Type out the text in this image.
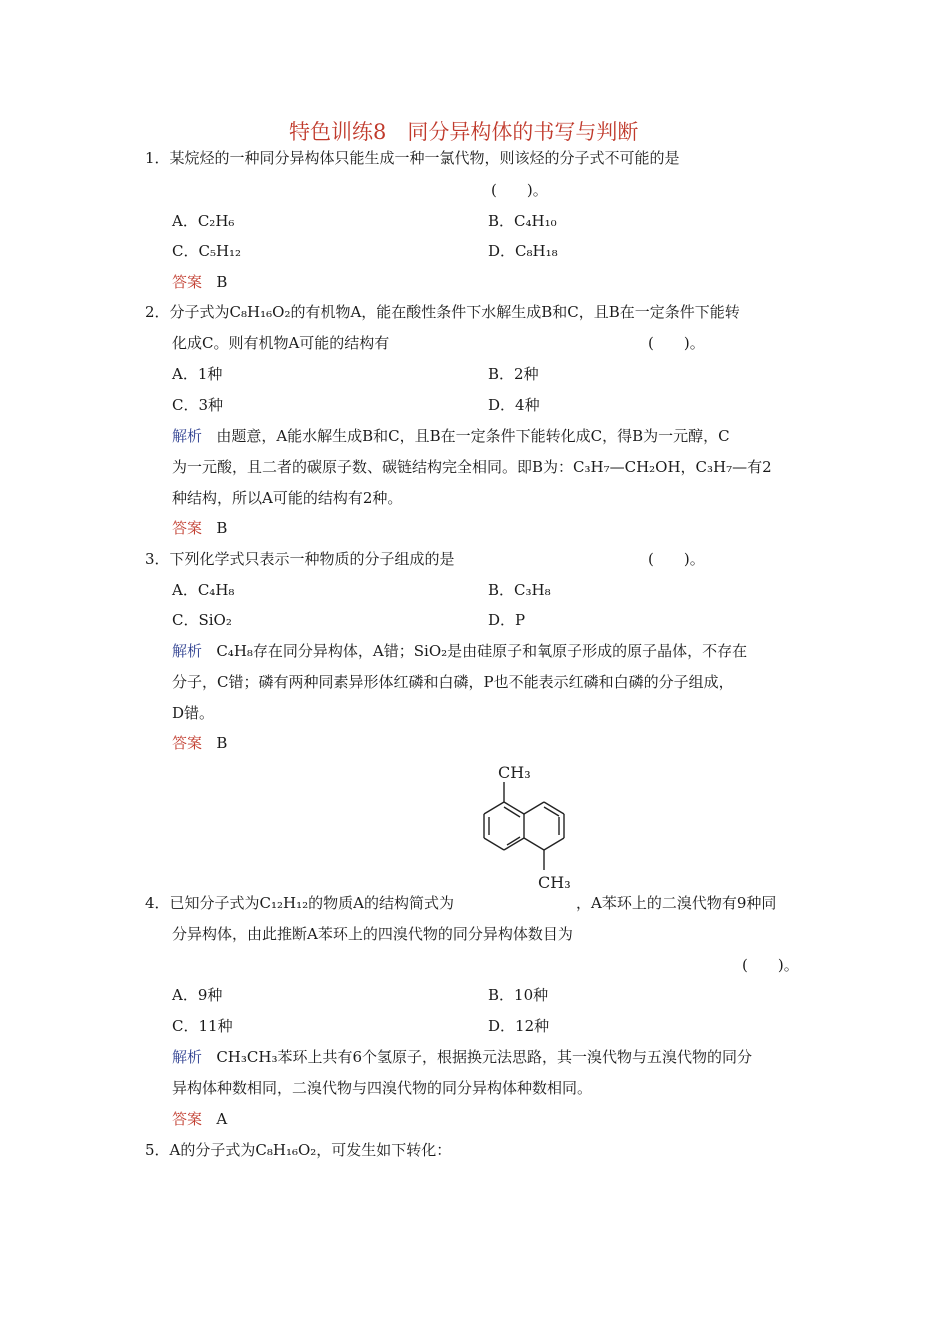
特色训练8　同分异构体的书写与判断
1．某烷烃的一种同分异构体只能生成一种一氯代物，则该烃的分子式不可能的是
(　　)。
A．C₂H₆	B．C₄H₁₀
C．C₅H₁₂	D．C₈H₁₈
答案 B
2．分子式为C₈H₁₆O₂的有机物A，能在酸性条件下水解生成B和C，且B在一定条件下能转
化成C。则有机物A可能的结构有	(　　)。
A．1种	B．2种
C．3种	D．4种
解析 由题意，A能水解生成B和C，且B在一定条件下能转化成C，得B为一元醇，C
为一元酸，且二者的碳原子数、碳链结构完全相同。即B为：C₃H₇—CH₂OH，C₃H₇—有2
种结构，所以A可能的结构有2种。
答案 B
3．下列化学式只表示一种物质的分子组成的是	(　　)。
A．C₄H₈	B．C₃H₈
C．SiO₂	D．P
解析 C₄H₈存在同分异构体，A错；SiO₂是由硅原子和氧原子形成的原子晶体，不存在
分子，C错；磷有两种同素异形体红磷和白磷，P也不能表示红磷和白磷的分子组成，
D错。
答案 B
CH₃
CH₃
4．已知分子式为C₁₂H₁₂的物质A的结构简式为	，A苯环上的二溴代物有9种同
分异构体，由此推断A苯环上的四溴代物的同分异构体数目为
(　　)。
A．9种	B．10种
C．11种	D．12种
解析 CH₃CH₃苯环上共有6个氢原子，根据换元法思路，其一溴代物与五溴代物的同分
异构体种数相同，二溴代物与四溴代物的同分异构体种数相同。
答案 A
5．A的分子式为C₈H₁₆O₂，可发生如下转化：
